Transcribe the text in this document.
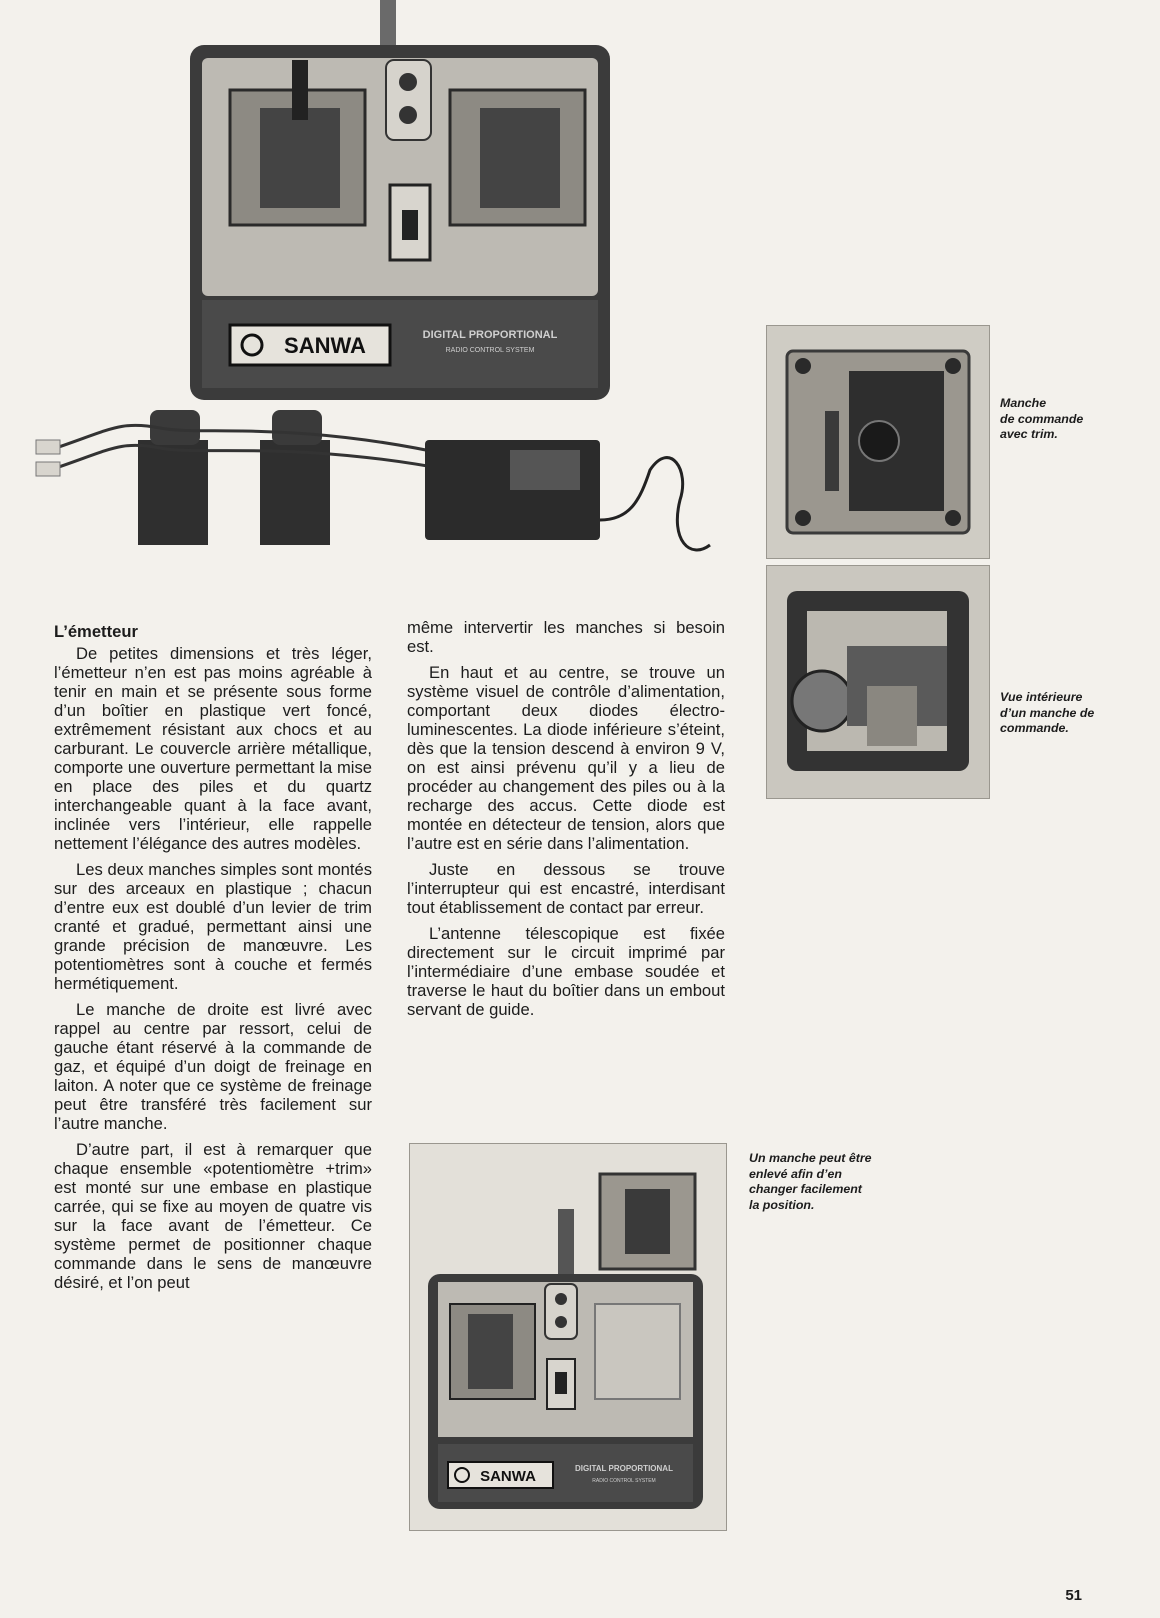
SANWA	DIGITAL PROPORTIONAL
RADIO CONTROL SYSTEM
SANWA	DIGITAL PROPORTIONAL
RADIO CONTROL SYSTEM
Manche
de commande
avec trim.
Vue intérieure
d’un manche de
commande.
Un manche peut être
enlevé afin d’en
changer facilement
la position.
L’émetteur

De petites dimensions et très léger, l’émetteur n’en est pas moins agréable à tenir en main et se présente sous forme d’un boîtier en plastique vert foncé, extrêmement résistant aux chocs et au carburant. Le couvercle arrière métallique, comporte une ouverture permettant la mise en place des piles et du quartz interchangeable quant à la face avant, inclinée vers l’intérieur, elle rappelle nettement l’élégance des autres modèles.

Les deux manches simples sont montés sur des arceaux en plastique ; chacun d’entre eux est doublé d’un levier de trim cranté et gradué, permettant ainsi une grande précision de manœuvre. Les potentiomètres sont à couche et fermés hermétiquement.

Le manche de droite est livré avec rappel au centre par ressort, celui de gauche étant réservé à la commande de gaz, et équipé d’un doigt de freinage en laiton. A noter que ce système de freinage peut être transféré très facilement sur l’autre manche.

D’autre part, il est à remarquer que chaque ensemble «potentiomètre +trim» est monté sur une embase en plastique carrée, qui se fixe au moyen de quatre vis sur la face avant de l’émetteur. Ce système permet de positionner chaque commande dans le sens de manœuvre désiré, et l’on peut

même intervertir les manches si besoin est.

En haut et au centre, se trouve un système visuel de contrôle d’alimentation, comportant deux diodes électro-luminescentes. La diode inférieure s’éteint, dès que la tension descend à environ 9 V, on est ainsi prévenu qu’il y a lieu de procéder au changement des piles ou à la recharge des accus. Cette diode est montée en détecteur de tension, alors que l’autre est en série dans l’alimentation.

Juste en dessous se trouve l’interrupteur qui est encastré, interdisant tout établissement de contact par erreur.

L’antenne télescopique est fixée directement sur le circuit imprimé par l’intermédiaire d’une embase soudée et traverse le haut du boîtier dans un embout servant de guide.

51
